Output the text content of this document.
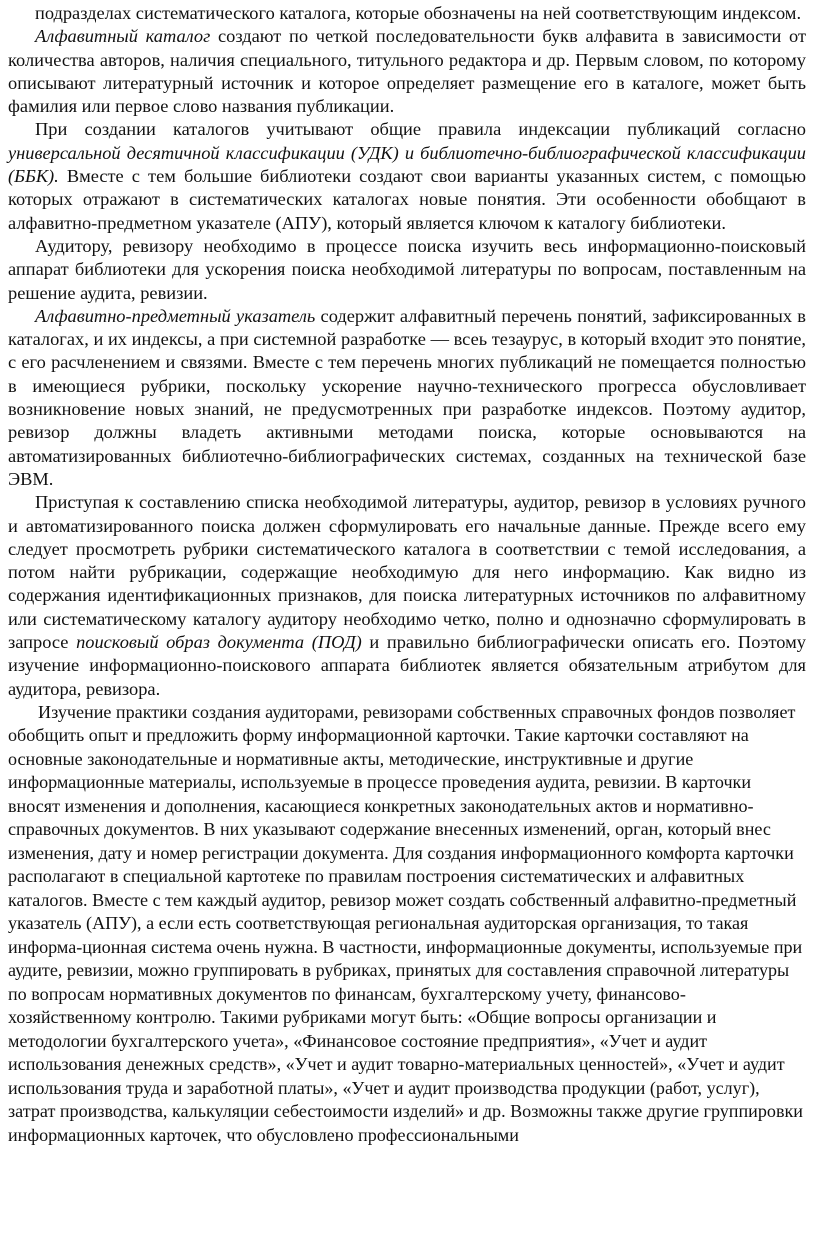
подразделах систематического каталога, которые обозначены на ней соответствующим индексом.

Алфавитный каталог создают по четкой последовательности букв алфавита в зависимости от количества авторов, наличия специального, титульного редактора и др. Первым словом, по которому описывают литературный источник и которое определяет размещение его в каталоге, может быть фамилия или первое слово названия публикации.

При создании каталогов учитывают общие правила индексации публикаций согласно универсальной десятичной классификации (УДК) и библиотечно-библиографической классификации (ББК). Вместе с тем большие библиотеки создают свои варианты указанных систем, с помощью которых отражают в систематических каталогах новые понятия. Эти особенности обобщают в алфавитно-предметном указателе (АПУ), который является ключом к каталогу библиотеки.

Аудитору, ревизору необходимо в процессе поиска изучить весь информационно-поисковый аппарат библиотеки для ускорения поиска необходимой литературы по вопросам, поставленным на решение аудита, ревизии.

Алфавитно-предметный указатель содержит алфавитный перечень понятий, зафиксированных в каталогах, и их индексы, а при системной разработке — всеь тезаурус, в который входит это понятие, с его расчленением и связями. Вместе с тем перечень многих публикаций не помещается полностью в имеющиеся рубрики, поскольку ускорение научно-технического прогресса обусловливает возникновение новых знаний, не предусмотренных при разработке индексов. Поэтому аудитор, ревизор должны владеть активными методами поиска, которые основываются на автоматизированных библиотечно-библиографических системах, созданных на технической базе ЭВМ.

Приступая к составлению списка необходимой литературы, аудитор, ревизор в условиях ручного и автоматизированного поиска должен сформулировать его начальные данные. Прежде всего ему следует просмотреть рубрики систематического каталога в соответствии с темой исследования, а потом найти рубрикации, содержащие необходимую для него информацию. Как видно из содержания идентификационных признаков, для поиска литературных источников по алфавитному или систематическому каталогу аудитору необходимо четко, полно и однозначно сформулировать в запросе поисковый образ документа (ПОД) и правильно библиографически описать его. Поэтому изучение информационно-поискового аппарата библиотек является обязательным атрибутом для аудитора, ревизора.

Изучение практики создания аудиторами, ревизорами собственных справочных фондов позволяет обобщить опыт и предложить форму информационной карточки. Такие карточки составляют на основные законодательные и нормативные акты, методические, инструктивные и другие информационные материалы, используемые в процессе проведения аудита, ревизии. В карточки вносят изменения и дополнения, касающиеся конкретных законодательных актов и нормативно-справочных документов. В них указывают содержание внесенных изменений, орган, который внес изменения, дату и номер регистрации документа. Для создания информационного комфорта карточки располагают в специальной картотеке по правилам построения систематических и алфавитных каталогов. Вместе с тем каждый аудитор, ревизор может создать собственный алфавитно-предметный указатель (АПУ), а если есть соответствующая региональная аудиторская организация, то такая информа-ционная система очень нужна. В частности, информационные документы, используемые при аудите, ревизии, можно группировать в рубриках, принятых для составления справочной литературы по вопросам нормативных документов по финансам, бухгалтерскому учету, финансово-хозяйственному контролю. Такими рубриками могут быть: «Общие вопросы организации и методологии бухгалтерского учета», «Финансовое состояние предприятия», «Учет и аудит использования денежных средств», «Учет и аудит товарно-материальных ценностей», «Учет и аудит использования труда и заработной платы», «Учет и аудит производства продукции (работ, услуг), затрат производства, калькуляции себестоимости изделий» и др. Возможны также другие группировки информационных карточек, что обусловлено профессиональными
